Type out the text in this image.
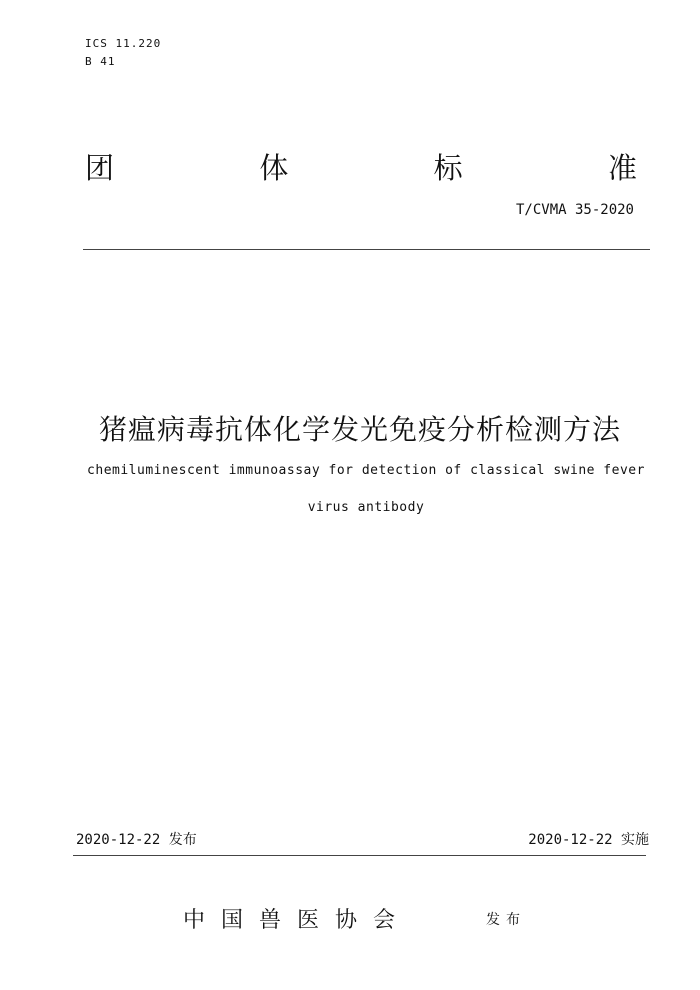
ICS 11.220
B 41
团	体	标	准
T/CVMA 35-2020
猪瘟病毒抗体化学发光免疫分析检测方法
chemiluminescent immunoassay for detection of classical swine fever
virus antibody
2020-12-22 发布	2020-12-22 实施
中国兽医协会	发布
